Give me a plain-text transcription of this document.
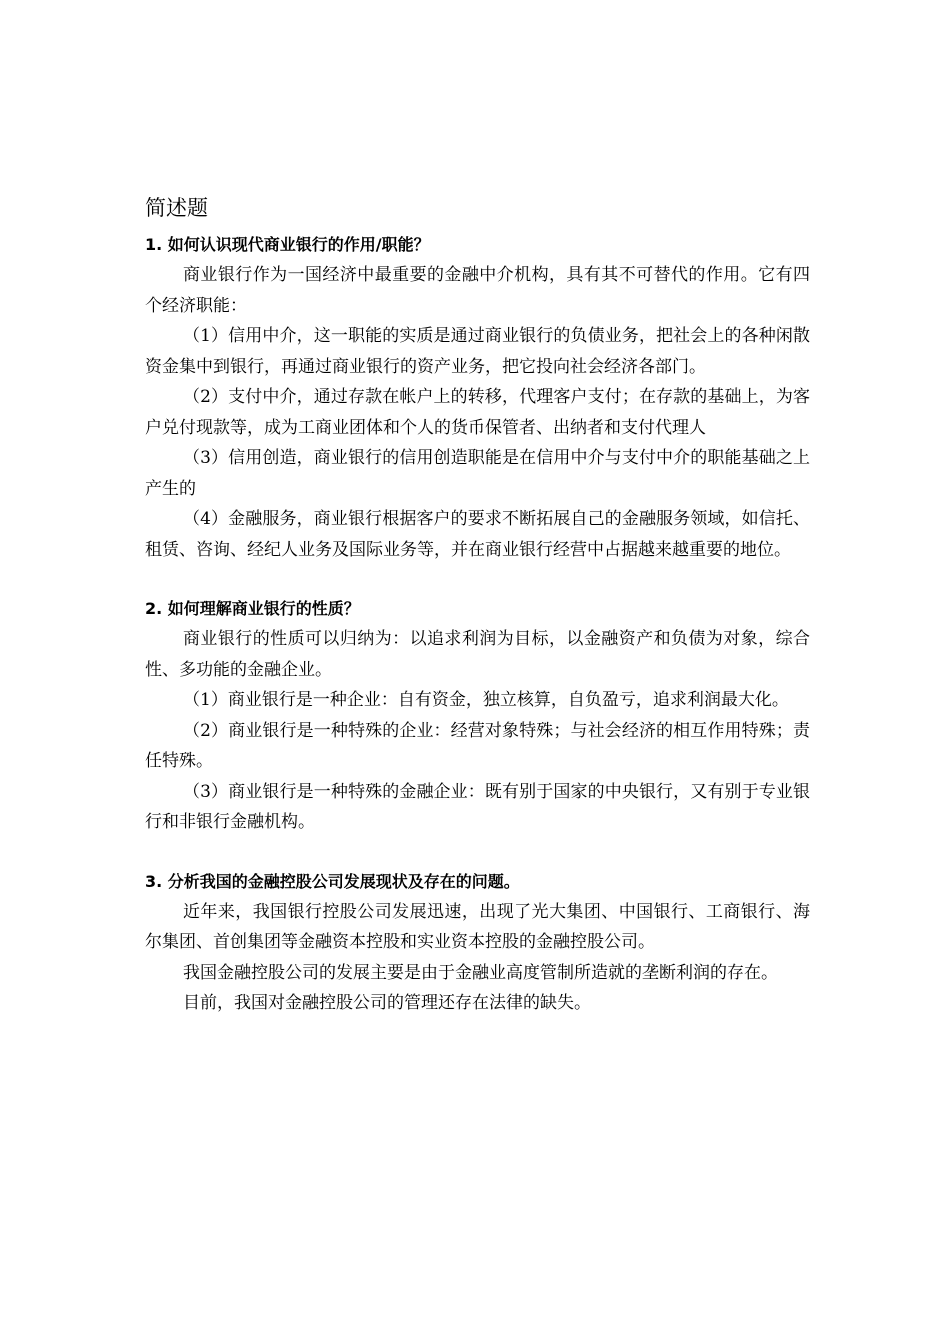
简述题

1. 如何认识现代商业银行的作用/职能？

商业银行作为一国经济中最重要的金融中介机构，具有其不可替代的作用。它有四个经济职能：

（1）信用中介，这一职能的实质是通过商业银行的负债业务，把社会上的各种闲散资金集中到银行，再通过商业银行的资产业务，把它投向社会经济各部门。

（2）支付中介，通过存款在帐户上的转移，代理客户支付；在存款的基础上，为客户兑付现款等，成为工商业团体和个人的货币保管者、出纳者和支付代理人

（3）信用创造，商业银行的信用创造职能是在信用中介与支付中介的职能基础之上产生的

（4）金融服务，商业银行根据客户的要求不断拓展自己的金融服务领域，如信托、租赁、咨询、经纪人业务及国际业务等，并在商业银行经营中占据越来越重要的地位。

2. 如何理解商业银行的性质？

商业银行的性质可以归纳为：以追求利润为目标，以金融资产和负债为对象，综合性、多功能的金融企业。

（1）商业银行是一种企业：自有资金，独立核算，自负盈亏，追求利润最大化。

（2）商业银行是一种特殊的企业：经营对象特殊；与社会经济的相互作用特殊；责任特殊。

（3）商业银行是一种特殊的金融企业：既有别于国家的中央银行，又有别于专业银行和非银行金融机构。

3. 分析我国的金融控股公司发展现状及存在的问题。

近年来，我国银行控股公司发展迅速，出现了光大集团、中国银行、工商银行、海尔集团、首创集团等金融资本控股和实业资本控股的金融控股公司。

我国金融控股公司的发展主要是由于金融业高度管制所造就的垄断利润的存在。

目前，我国对金融控股公司的管理还存在法律的缺失。
